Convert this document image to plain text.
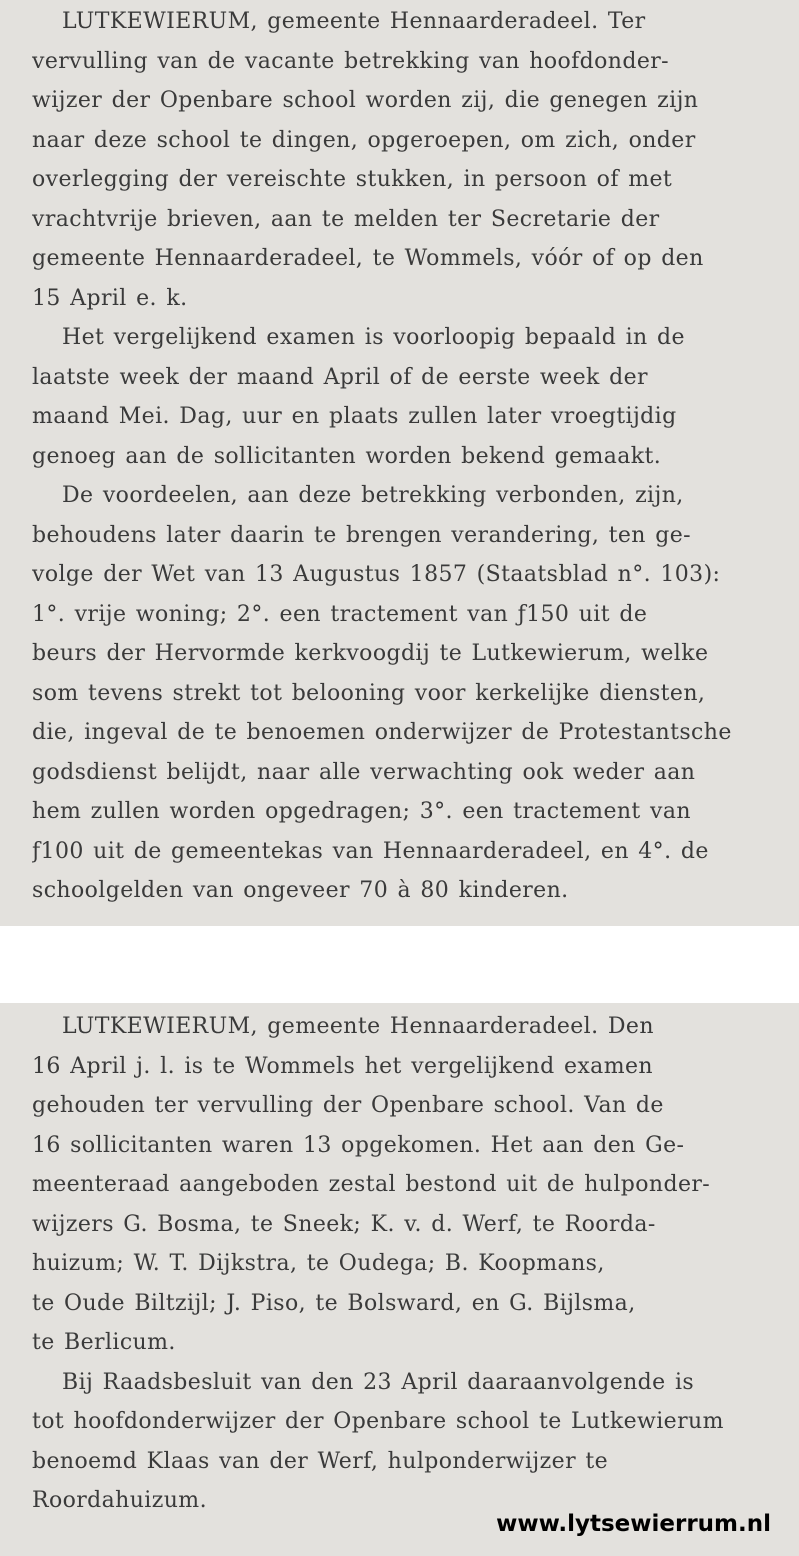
LUTKEWIERUM, gemeente Hennaarderadeel. Ter
vervulling van de vacante betrekking van hoofdonder-
wijzer der Openbare school worden zij, die genegen zijn
naar deze school te dingen, opgeroepen, om zich, onder
overlegging der vereischte stukken, in persoon of met
vrachtvrije brieven, aan te melden ter Secretarie der
gemeente Hennaarderadeel, te Wommels, vóór of op den
15 April e. k.
Het vergelijkend examen is voorloopig bepaald in de
laatste week der maand April of de eerste week der
maand Mei. Dag, uur en plaats zullen later vroegtijdig
genoeg aan de sollicitanten worden bekend gemaakt.
De voordeelen, aan deze betrekking verbonden, zijn,
behoudens later daarin te brengen verandering, ten ge-
volge der Wet van 13 Augustus 1857 (Staatsblad n°. 103):
1°. vrije woning; 2°. een tractement van ƒ150 uit de
beurs der Hervormde kerkvoogdij te Lutkewierum, welke
som tevens strekt tot belooning voor kerkelijke diensten,
die, ingeval de te benoemen onderwijzer de Protestantsche
godsdienst belijdt, naar alle verwachting ook weder aan
hem zullen worden opgedragen; 3°. een tractement van
ƒ100 uit de gemeentekas van Hennaarderadeel, en 4°. de
schoolgelden van ongeveer 70 à 80 kinderen.
LUTKEWIERUM, gemeente Hennaarderadeel. Den
16 April j. l. is te Wommels het vergelijkend examen
gehouden ter vervulling der Openbare school. Van de
16 sollicitanten waren 13 opgekomen. Het aan den Ge-
meenteraad aangeboden zestal bestond uit de hulponder-
wijzers G. Bosma, te Sneek; K. v. d. Werf, te Roorda-
huizum; W. T. Dijkstra, te Oudega; B. Koopmans,
te Oude Biltzijl; J. Piso, te Bolsward, en G. Bijlsma,
te Berlicum.
Bij Raadsbesluit van den 23 April daaraanvolgende is
tot hoofdonderwijzer der Openbare school te Lutkewierum
benoemd Klaas van der Werf, hulponderwijzer te
Roordahuizum.
www.lytsewierrum.nl
